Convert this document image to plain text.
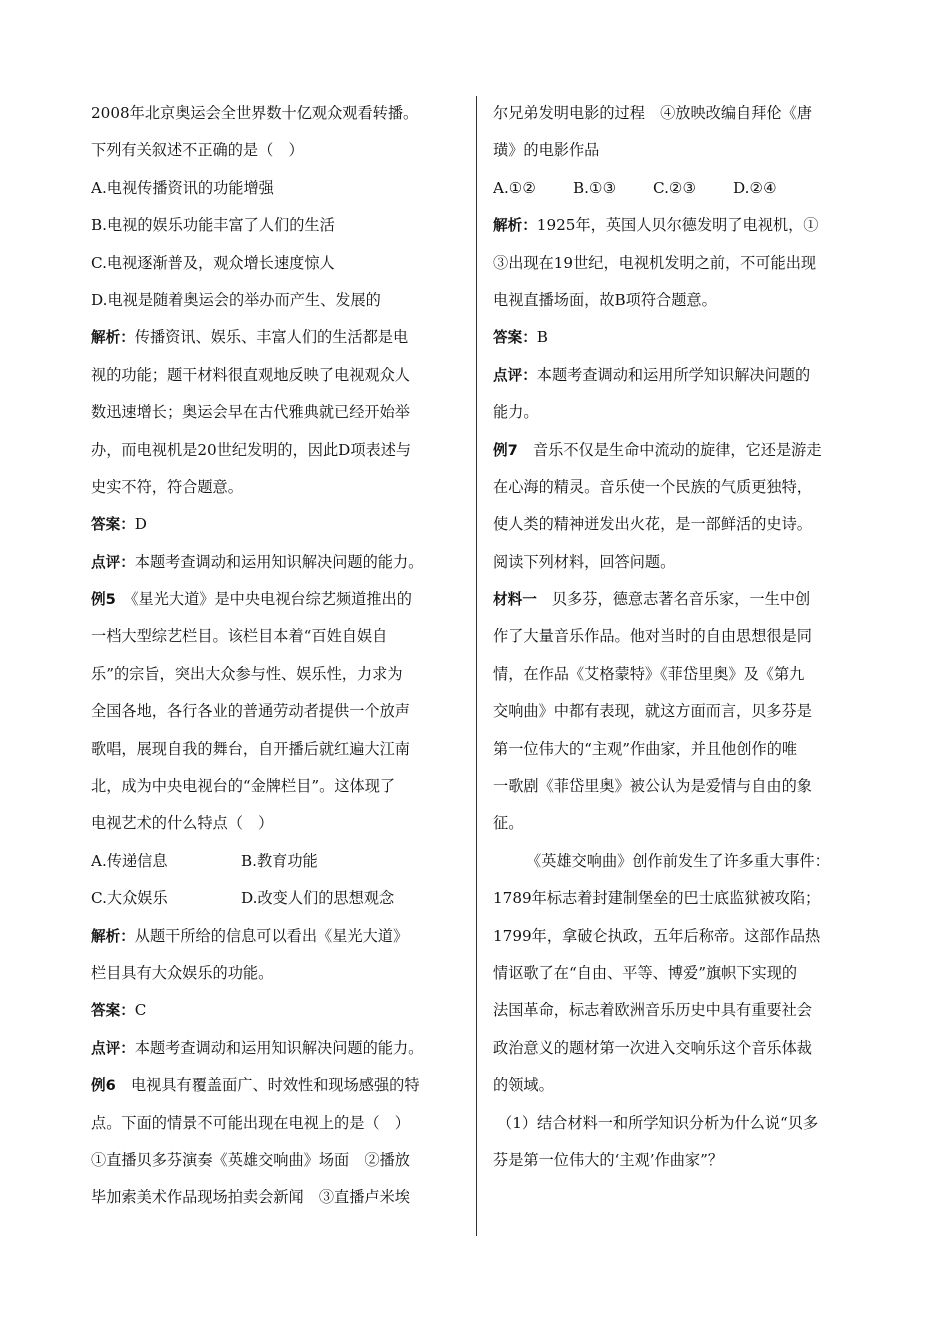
2008年北京奥运会全世界数十亿观众观看转播。
下列有关叙述不正确的是（　）
A.电视传播资讯的功能增强
B.电视的娱乐功能丰富了人们的生活
C.电视逐渐普及，观众增长速度惊人
D.电视是随着奥运会的举办而产生、发展的
解析：传播资讯、娱乐、丰富人们的生活都是电
视的功能；题干材料很直观地反映了电视观众人
数迅速增长；奥运会早在古代雅典就已经开始举
办，而电视机是20世纪发明的，因此D项表述与
史实不符，符合题意。
答案：D
点评：本题考查调动和运用知识解决问题的能力。
例5　 《星光大道》是中央电视台综艺频道推出的
一档大型综艺栏目。该栏目本着“百姓自娱自
乐”的宗旨，突出大众参与性、娱乐性，力求为
全国各地，各行各业的普通劳动者提供一个放声
歌唱，展现自我的舞台，自开播后就红遍大江南
北，成为中央电视台的“金牌栏目”。这体现了
电视艺术的什么特点（　）
A.传递信息	B.教育功能
C.大众娱乐	D.改变人们的思想观念
解析：从题干所给的信息可以看出《星光大道》
栏目具有大众娱乐的功能。
答案：C
点评：本题考查调动和运用知识解决问题的能力。
例6　 电视具有覆盖面广、时效性和现场感强的特
点。下面的情景不可能出现在电视上的是（　）
①直播贝多芬演奏《英雄交响曲》场面　②播放
毕加索美术作品现场拍卖会新闻　③直播卢米埃
尔兄弟发明电影的过程　④放映改编自拜伦《唐
璜》的电影作品
A.①② B.①③ C.②③ D.②④
解析：1925年，英国人贝尔德发明了电视机，①
③出现在19世纪，电视机发明之前，不可能出现
电视直播场面，故B项符合题意。
答案：B
点评：本题考查调动和运用所学知识解决问题的
能力。
例7　 音乐不仅是生命中流动的旋律，它还是游走
在心海的精灵。音乐使一个民族的气质更独特，
使人类的精神迸发出火花，是一部鲜活的史诗。
阅读下列材料，回答问题。
材料一　 贝多芬，德意志著名音乐家，一生中创
作了大量音乐作品。他对当时的自由思想很是同
情，在作品《艾格蒙特》《菲岱里奥》及《第九
交响曲》中都有表现，就这方面而言，贝多芬是
第一位伟大的“主观”作曲家，并且他创作的唯
一歌剧《菲岱里奥》被公认为是爱情与自由的象
征。
《英雄交响曲》创作前发生了许多重大事件：
1789年标志着封建制堡垒的巴士底监狱被攻陷；
1799年，拿破仑执政，五年后称帝。这部作品热
情讴歌了在“自由、平等、博爱”旗帜下实现的
法国革命，标志着欧洲音乐历史中具有重要社会
政治意义的题材第一次进入交响乐这个音乐体裁
的领域。
（1）结合材料一和所学知识分析为什么说“贝多
芬是第一位伟大的‘主观’作曲家”？
